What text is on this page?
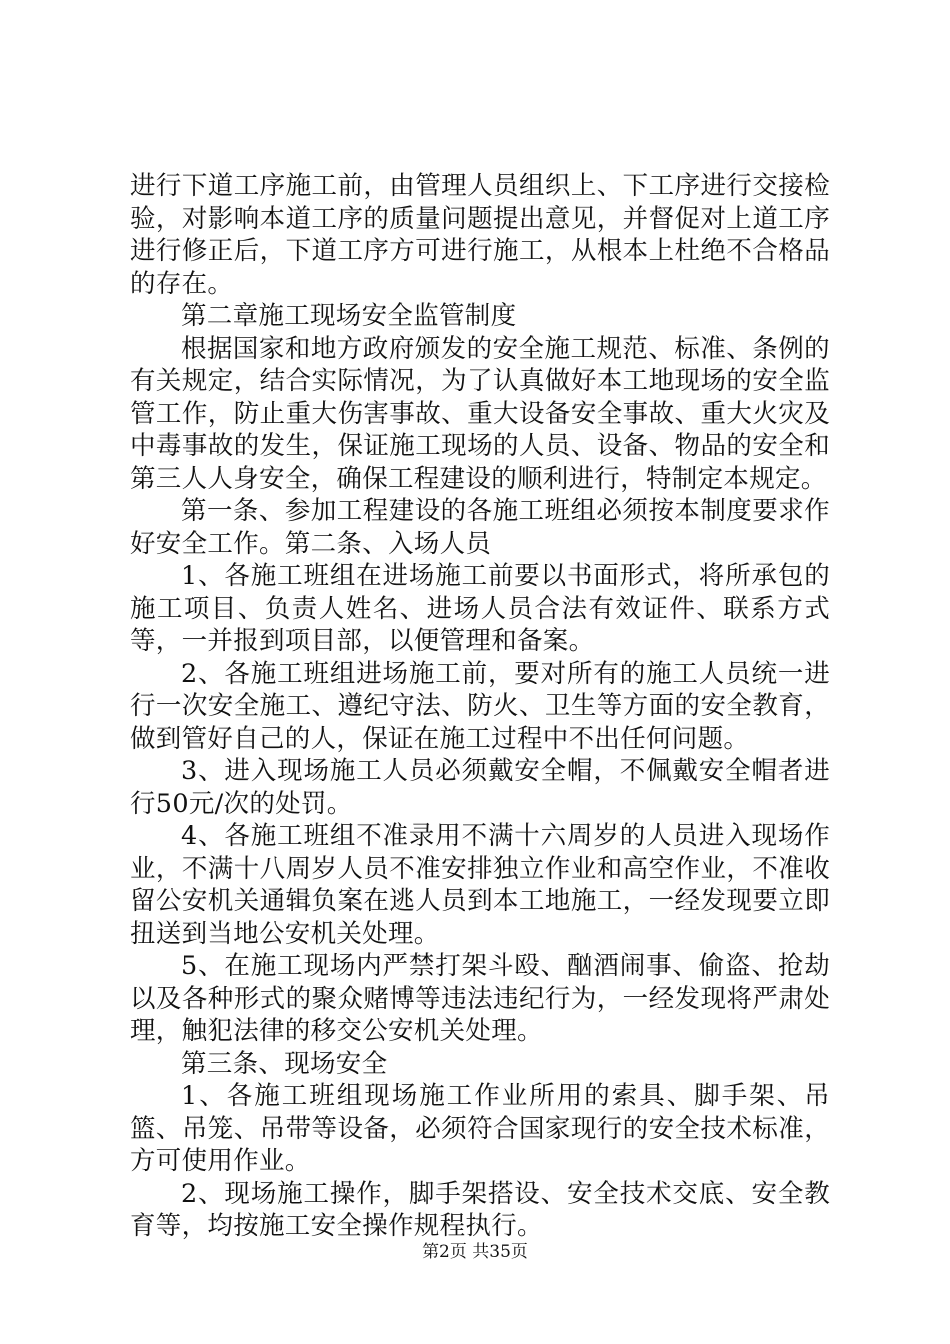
进行下道工序施工前，由管理人员组织上、下工序进行交接检验，对影响本道工序的质量问题提出意见，并督促对上道工序进行修正后，下道工序方可进行施工，从根本上杜绝不合格品的存在。

第二章施工现场安全监管制度

根据国家和地方政府颁发的安全施工规范、标准、条例的有关规定，结合实际情况，为了认真做好本工地现场的安全监管工作，防止重大伤害事故、重大设备安全事故、重大火灾及中毒事故的发生，保证施工现场的人员、设备、物品的安全和第三人人身安全，确保工程建设的顺利进行，特制定本规定。

第一条、参加工程建设的各施工班组必须按本制度要求作好安全工作。第二条、入场人员

1、各施工班组在进场施工前要以书面形式，将所承包的施工项目、负责人姓名、进场人员合法有效证件、联系方式等，一并报到项目部，以便管理和备案。

2、各施工班组进场施工前，要对所有的施工人员统一进行一次安全施工、遵纪守法、防火、卫生等方面的安全教育，做到管好自己的人，保证在施工过程中不出任何问题。

3、进入现场施工人员必须戴安全帽，不佩戴安全帽者进行50元/次的处罚。

4、各施工班组不准录用不满十六周岁的人员进入现场作业，不满十八周岁人员不准安排独立作业和高空作业，不准收留公安机关通辑负案在逃人员到本工地施工，一经发现要立即扭送到当地公安机关处理。

5、在施工现场内严禁打架斗殴、酗酒闹事、偷盗、抢劫以及各种形式的聚众赌博等违法违纪行为，一经发现将严肃处理，触犯法律的移交公安机关处理。

第三条、现场安全

1、各施工班组现场施工作业所用的索具、脚手架、吊篮、吊笼、吊带等设备，必须符合国家现行的安全技术标准，方可使用作业。

2、现场施工操作，脚手架搭设、安全技术交底、安全教育等，均按施工安全操作规程执行。

第2页 共35页
